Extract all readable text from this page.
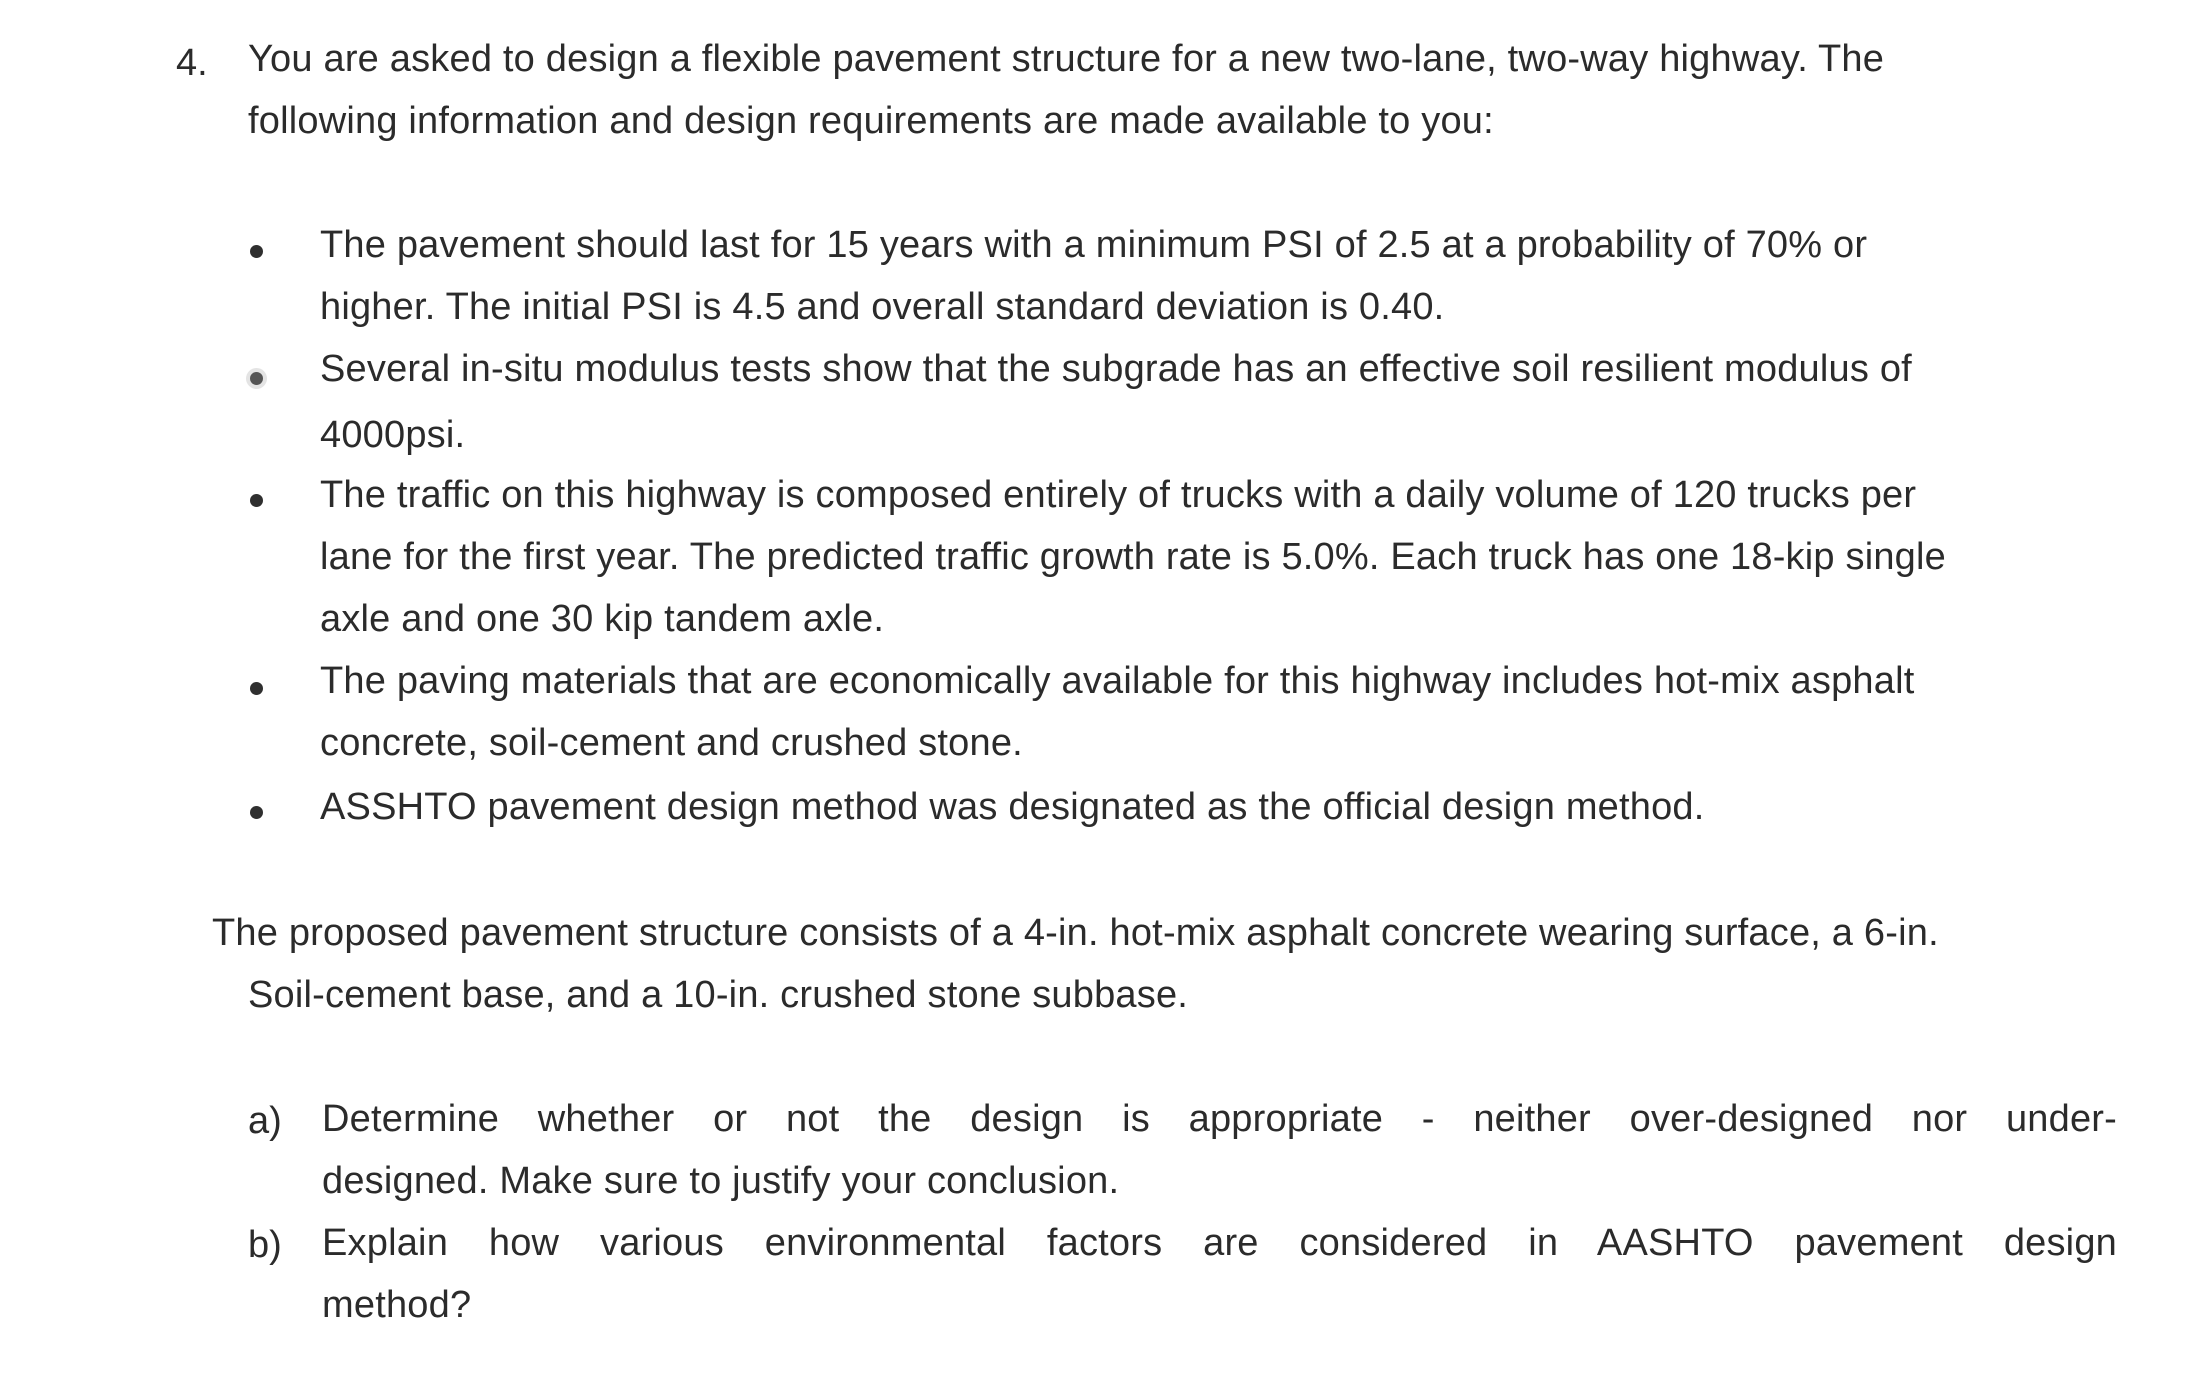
4. You are asked to design a flexible pavement structure for a new two-lane, two-way highway. The
following information and design requirements are made available to you:
The pavement should last for 15 years with a minimum PSI of 2.5 at a probability of 70% or
higher. The initial PSI is 4.5 and overall standard deviation is 0.40.
Several in-situ modulus tests show that the subgrade has an effective soil resilient modulus of
4000psi.
The traffic on this highway is composed entirely of trucks with a daily volume of 120 trucks per
lane for the first year. The predicted traffic growth rate is 5.0%. Each truck has one 18-kip single
axle and one 30 kip tandem axle.
The paving materials that are economically available for this highway includes hot-mix asphalt
concrete, soil-cement and crushed stone.
ASSHTO pavement design method was designated as the official design method.
The proposed pavement structure consists of a 4-in. hot-mix asphalt concrete wearing surface, a 6-in.
Soil-cement base, and a 10-in. crushed stone subbase.
a) Determine whether or not the design is appropriate - neither over-designed nor under-
designed. Make sure to justify your conclusion.
b) Explain how various environmental factors are considered in AASHTO pavement design
method?
